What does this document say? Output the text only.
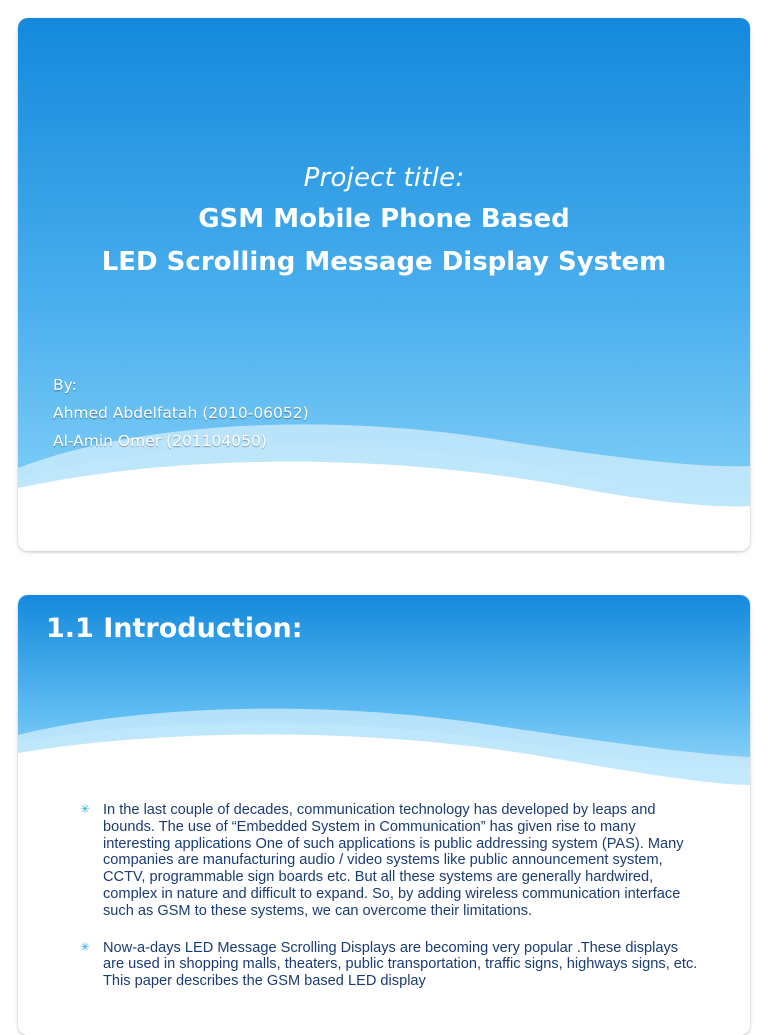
Project title:
GSM Mobile Phone Based
LED Scrolling Message Display System
By:
Ahmed Abdelfatah (2010-06052)
Al-Amin Omer (201104050)
1.1 Introduction:
✳ In the last couple of decades, communication technology has developed by leaps and bounds. The use of “Embedded System in Communication” has given rise to many interesting applications One of such applications is public addressing system (PAS). Many companies are manufacturing audio / video systems like public announcement system, CCTV, programmable sign boards etc. But all these systems are generally hardwired, complex in nature and difficult to expand. So, by adding wireless communication interface such as GSM to these systems, we can overcome their limitations.
✳ Now-a-days LED Message Scrolling Displays are becoming very popular .These displays are used in shopping malls, theaters, public transportation, traffic signs, highways signs, etc. This paper describes the GSM based LED display
